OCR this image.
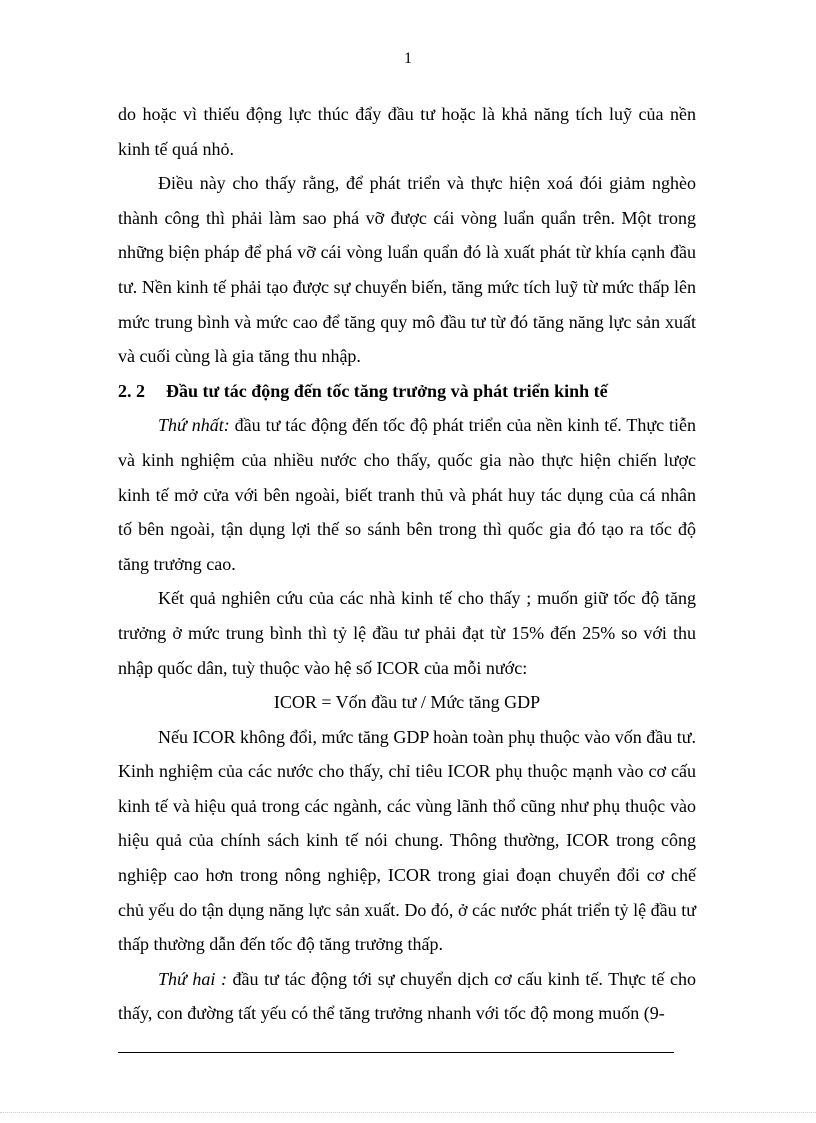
1

do hoặc vì thiếu động lực thúc đẩy đầu tư hoặc là khả năng tích luỹ của nền kinh tế quá nhỏ.

Điều này cho thấy rằng, để phát triển và thực hiện xoá đói giảm nghèo thành công thì phải làm sao phá vỡ được cái vòng luẩn quẩn trên. Một trong những biện pháp để phá vỡ cái vòng luẩn quẩn đó là xuất phát từ khía cạnh đầu tư. Nền kinh tế phải tạo được sự chuyển biến, tăng mức tích luỹ từ mức thấp lên mức trung bình và mức cao để tăng quy mô đầu tư từ đó tăng năng lực sản xuất và cuối cùng là gia tăng thu nhập.

2. 2 Đầu tư tác động đến tốc tăng trưởng và phát triển kinh tế

Thứ nhất: đầu tư tác động đến tốc độ phát triển của nền kinh tế. Thực tiễn và kinh nghiệm của nhiều nước cho thấy, quốc gia nào thực hiện chiến lược kinh tế mở cửa với bên ngoài, biết tranh thủ và phát huy tác dụng của cá nhân tố bên ngoài, tận dụng lợi thế so sánh bên trong thì quốc gia đó tạo ra tốc độ tăng trưởng cao.

Kết quả nghiên cứu của các nhà kinh tế cho thấy ; muốn giữ tốc độ tăng trưởng ở mức trung bình thì tỷ lệ đầu tư phải đạt từ 15% đến 25% so với thu nhập quốc dân, tuỳ thuộc vào hệ số ICOR của mỗi nước:

ICOR = Vốn đầu tư / Mức tăng GDP

Nếu ICOR không đổi, mức tăng GDP hoàn toàn phụ thuộc vào vốn đầu tư. Kinh nghiệm của các nước cho thấy, chỉ tiêu ICOR phụ thuộc mạnh vào cơ cấu kinh tế và hiệu quả trong các ngành, các vùng lãnh thổ cũng như phụ thuộc vào hiệu quả của chính sách kinh tế nói chung. Thông thường, ICOR trong công nghiệp cao hơn trong nông nghiệp, ICOR trong giai đoạn chuyển đổi cơ chế chủ yếu do tận dụng năng lực sản xuất. Do đó, ở các nước phát triển tỷ lệ đầu tư thấp thường dẫn đến tốc độ tăng trưởng thấp.

Thứ hai : đầu tư tác động tới sự chuyển dịch cơ cấu kinh tế. Thực tế cho thấy, con đường tất yếu có thể tăng trưởng nhanh với tốc độ mong muốn (9-
